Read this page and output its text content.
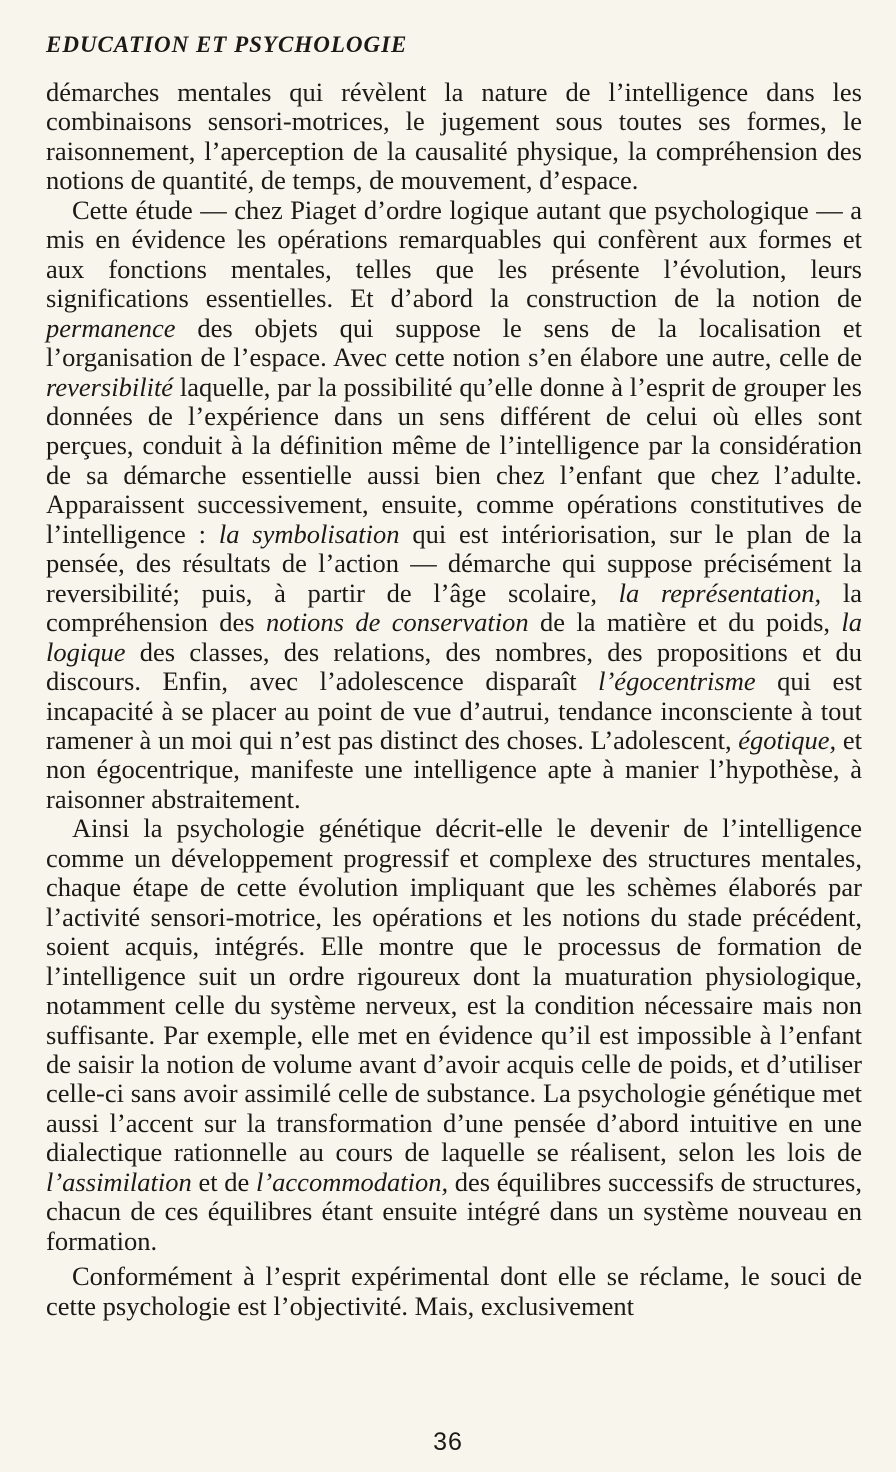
EDUCATION ET PSYCHOLOGIE

démarches mentales qui révèlent la nature de l’intelligence dans les combinaisons sensori-motrices, le jugement sous toutes ses formes, le raisonnement, l’aperception de la causalité physique, la compréhension des notions de quantité, de temps, de mouvement, d’espace.

Cette étude — chez Piaget d’ordre logique autant que psychologique — a mis en évidence les opérations remarquables qui confèrent aux formes et aux fonctions mentales, telles que les présente l’évolution, leurs significations essentielles. Et d’abord la construction de la notion de permanence des objets qui suppose le sens de la localisation et l’organisation de l’espace. Avec cette notion s’en élabore une autre, celle de reversibilité laquelle, par la possibilité qu’elle donne à l’esprit de grouper les données de l’expérience dans un sens différent de celui où elles sont perçues, conduit à la définition même de l’intelligence par la considération de sa démarche essentielle aussi bien chez l’enfant que chez l’adulte. Apparaissent successivement, ensuite, comme opérations constitutives de l’intelligence : la symbolisation qui est intériorisation, sur le plan de la pensée, des résultats de l’action — démarche qui suppose précisément la reversibilité; puis, à partir de l’âge scolaire, la représentation, la compréhension des notions de conservation de la matière et du poids, la logique des classes, des relations, des nombres, des propositions et du discours. Enfin, avec l’adolescence disparaît l’égocentrisme qui est incapacité à se placer au point de vue d’autrui, tendance inconsciente à tout ramener à un moi qui n’est pas distinct des choses. L’adolescent, égotique, et non égocentrique, manifeste une intelligence apte à manier l’hypothèse, à raisonner abstraitement.

Ainsi la psychologie génétique décrit-elle le devenir de l’intelligence comme un développement progressif et complexe des structures mentales, chaque étape de cette évolution impliquant que les schèmes élaborés par l’activité sensori-motrice, les opérations et les notions du stade précédent, soient acquis, intégrés. Elle montre que le processus de formation de l’intelligence suit un ordre rigoureux dont la muaturation physiologique, notamment celle du système nerveux, est la condition nécessaire mais non suffisante. Par exemple, elle met en évidence qu’il est impossible à l’enfant de saisir la notion de volume avant d’avoir acquis celle de poids, et d’utiliser celle-ci sans avoir assimilé celle de substance. La psychologie génétique met aussi l’accent sur la transformation d’une pensée d’abord intuitive en une dialectique rationnelle au cours de laquelle se réalisent, selon les lois de l’assimilation et de l’accommodation, des équilibres successifs de structures, chacun de ces équilibres étant ensuite intégré dans un système nouveau en formation.

Conformément à l’esprit expérimental dont elle se réclame, le souci de cette psychologie est l’objectivité. Mais, exclusivement

36
